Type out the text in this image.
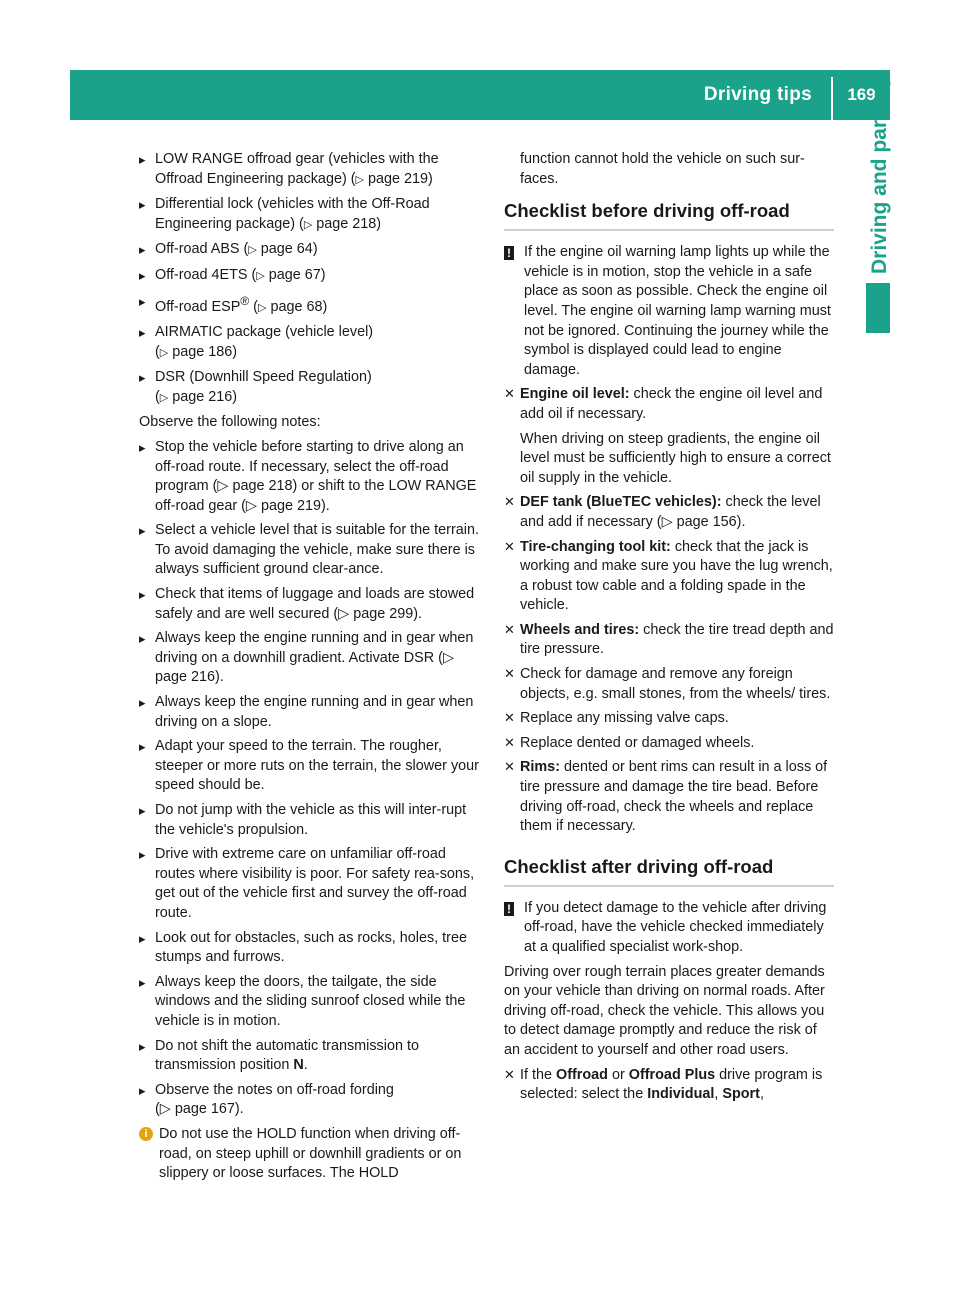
Driving tips	169
Driving and parking
▸
LOW RANGE offroad gear (vehicles with the Offroad Engineering package) (▷ page 219)
▸
Differential lock (vehicles with the Off-Road Engineering package) (▷ page 218)
▸
Off-road ABS (▷ page 64)
▸
Off-road 4ETS (▷ page 67)
▸
Off-road ESP® (▷ page 68)
▸
AIRMATIC package (vehicle level)
(▷ page 186)
▸
DSR (Downhill Speed Regulation)
(▷ page 216)
Observe the following notes:
▸
Stop the vehicle before starting to drive along an off-road route. If necessary, select the off-road program (▷ page 218) or shift to the LOW RANGE off-road gear (▷ page 219).
▸
Select a vehicle level that is suitable for the terrain. To avoid damaging the vehicle, make sure there is always sufficient ground clear-ance.
▸
Check that items of luggage and loads are stowed safely and are well secured (▷ page 299).
▸
Always keep the engine running and in gear when driving on a downhill gradient. Activate DSR (▷ page 216).
▸
Always keep the engine running and in gear when driving on a slope.
▸
Adapt your speed to the terrain. The rougher, steeper or more ruts on the terrain, the slower your speed should be.
▸
Do not jump with the vehicle as this will inter-rupt the vehicle's propulsion.
▸
Drive with extreme care on unfamiliar off-road routes where visibility is poor. For safety rea-sons, get out of the vehicle first and survey the off-road route.
▸
Look out for obstacles, such as rocks, holes, tree stumps and furrows.
▸
Always keep the doors, the tailgate, the side windows and the sliding sunroof closed while the vehicle is in motion.
▸
Do not shift the automatic transmission to transmission position N.
▸
Observe the notes on off-road fording
(▷ page 167).
i Do not use the HOLD function when driving off-road, on steep uphill or downhill gradients or on slippery or loose surfaces. The HOLD
function cannot hold the vehicle on such sur-faces.
Checklist before driving off-road
! If the engine oil warning lamp lights up while the vehicle is in motion, stop the vehicle in a safe place as soon as possible. Check the engine oil level. The engine oil warning lamp warning must not be ignored. Continuing the journey while the symbol is displayed could lead to engine damage.
✕ Engine oil level: check the engine oil level and add oil if necessary.
When driving on steep gradients, the engine oil level must be sufficiently high to ensure a correct oil supply in the vehicle.
✕ DEF tank (BlueTEC vehicles): check the level and add if necessary (▷ page 156).
✕ Tire-changing tool kit: check that the jack is working and make sure you have the lug wrench, a robust tow cable and a folding spade in the vehicle.
✕ Wheels and tires: check the tire tread depth and tire pressure.
✕ Check for damage and remove any foreign objects, e.g. small stones, from the wheels/ tires.
✕ Replace any missing valve caps.
✕ Replace dented or damaged wheels.
✕ Rims: dented or bent rims can result in a loss of tire pressure and damage the tire bead. Before driving off-road, check the wheels and replace them if necessary.
Checklist after driving off-road
! If you detect damage to the vehicle after driving off-road, have the vehicle checked immediately at a qualified specialist work-shop.
Driving over rough terrain places greater demands on your vehicle than driving on normal roads. After driving off-road, check the vehicle. This allows you to detect damage promptly and reduce the risk of an accident to yourself and other road users.
✕ If the Offroad or Offroad Plus drive program is selected: select the Individual, Sport,
